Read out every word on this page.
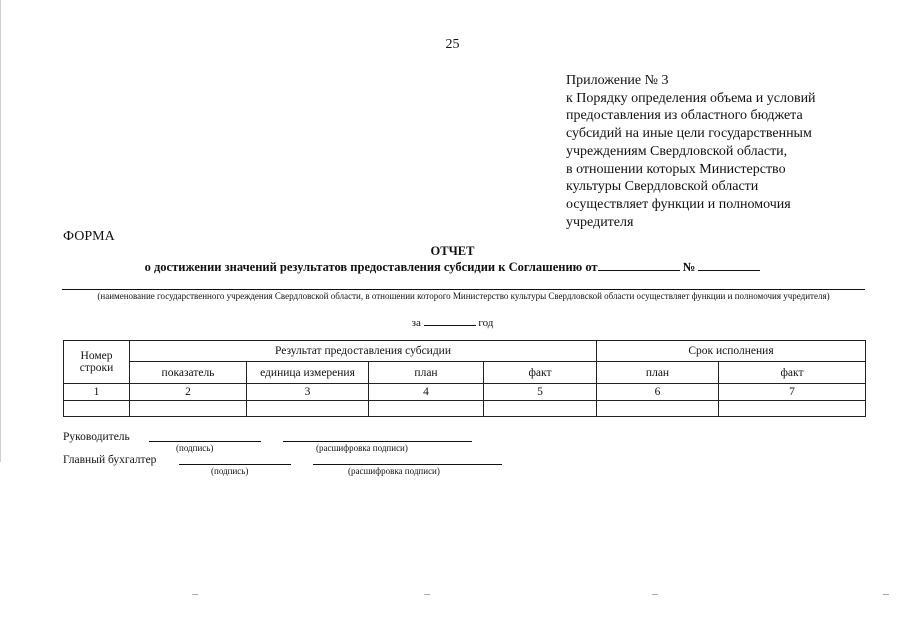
25
Приложение № 3
к Порядку определения объема и условий
предоставления из областного бюджета
субсидий на иные цели государственным
учреждениям Свердловской области,
в отношении которых Министерство
культуры Свердловской области
осуществляет функции и полномочия
учредителя
ФОРМА
ОТЧЕТ
о достижении значений результатов предоставления субсидии к Соглашению от	№
(наименование государственного учреждения Свердловской области, в отношении которого Министерство культуры Свердловской области осуществляет функции и полномочия учредителя)
за	год
Номер строки	Результат предоставления субсидии				Срок исполнения	
	показатель	единица измерения	план	факт	план	факт
1	2	3	4	5	6	7

Руководитель
(подпись)	(расшифровка подписи)
Главный бухгалтер
(подпись)	(расшифровка подписи)
